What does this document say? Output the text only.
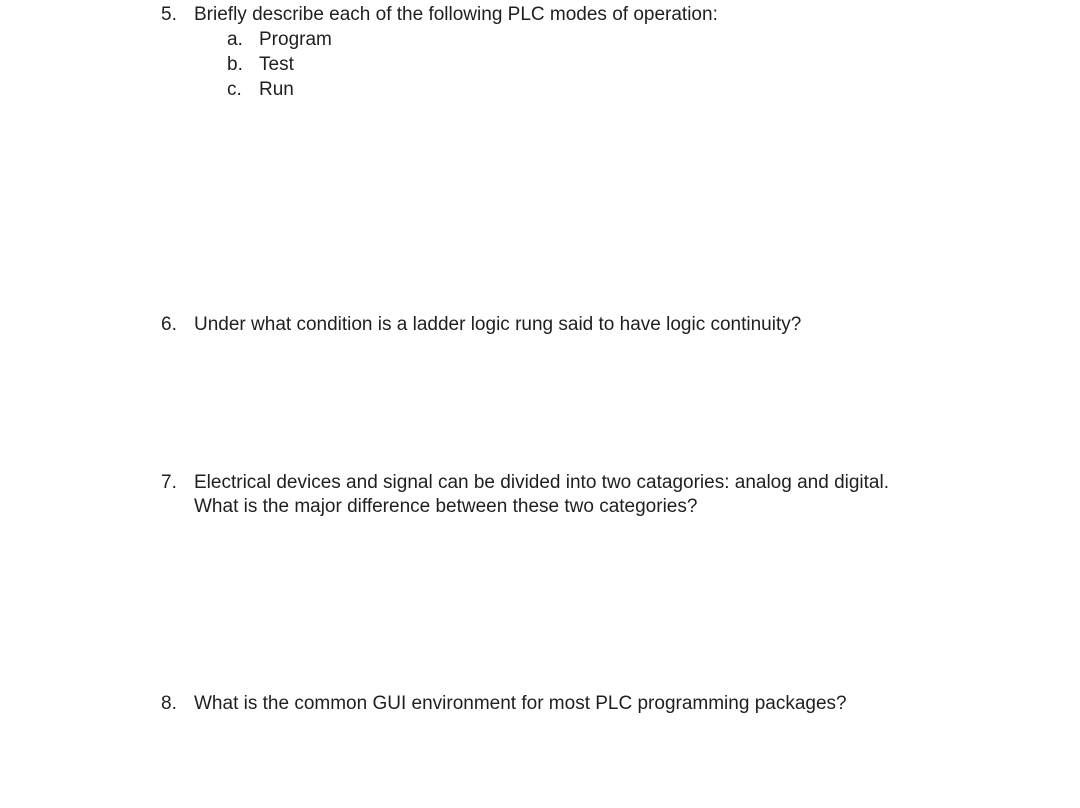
5. Briefly describe each of the following PLC modes of operation:
a. Program
b. Test
c. Run
6. Under what condition is a ladder logic rung said to have logic continuity?
7. Electrical devices and signal can be divided into two catagories: analog and digital.
What is the major difference between these two categories?
8. What is the common GUI environment for most PLC programming packages?
